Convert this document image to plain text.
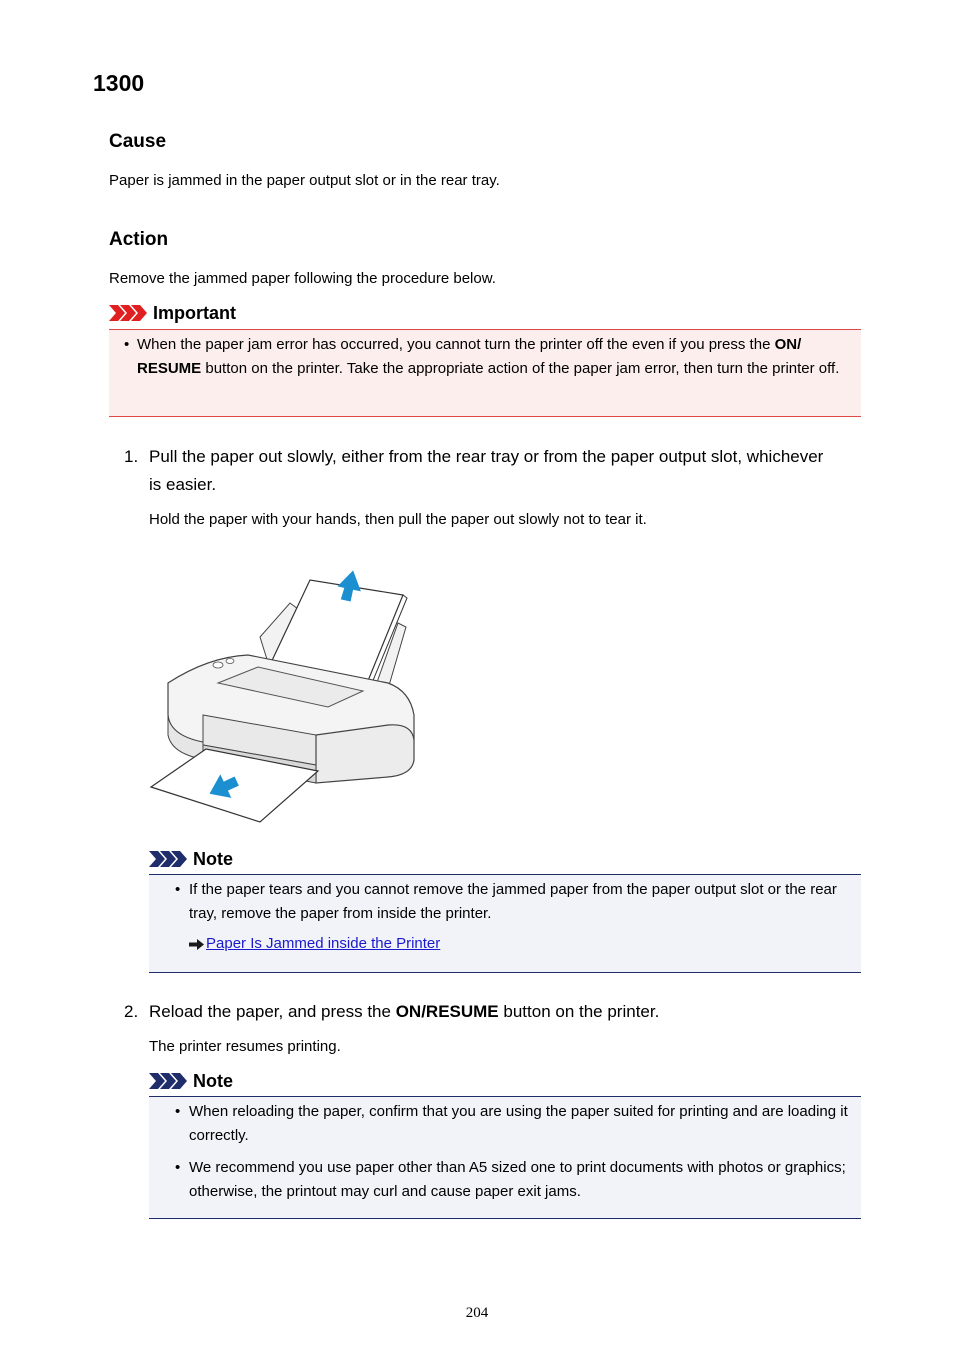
1300
Cause

Paper is jammed in the paper output slot or in the rear tray.

Action

Remove the jammed paper following the procedure below.

Important
• When the paper jam error has occurred, you cannot turn the printer off the even if you press the ON/ RESUME button on the printer. Take the appropriate action of the paper jam error, then turn the printer off.
1. Pull the paper out slowly, either from the rear tray or from the paper output slot, whichever is easier.

Hold the paper with your hands, then pull the paper out slowly not to tear it.

Note
• If the paper tears and you cannot remove the jammed paper from the paper output slot or the rear tray, remove the paper from inside the printer.
Paper Is Jammed inside the Printer
2. Reload the paper, and press the ON/RESUME button on the printer.

The printer resumes printing.

Note
• When reloading the paper, confirm that you are using the paper suited for printing and are loading it correctly.
• We recommend you use paper other than A5 sized one to print documents with photos or graphics; otherwise, the printout may curl and cause paper exit jams.
204
